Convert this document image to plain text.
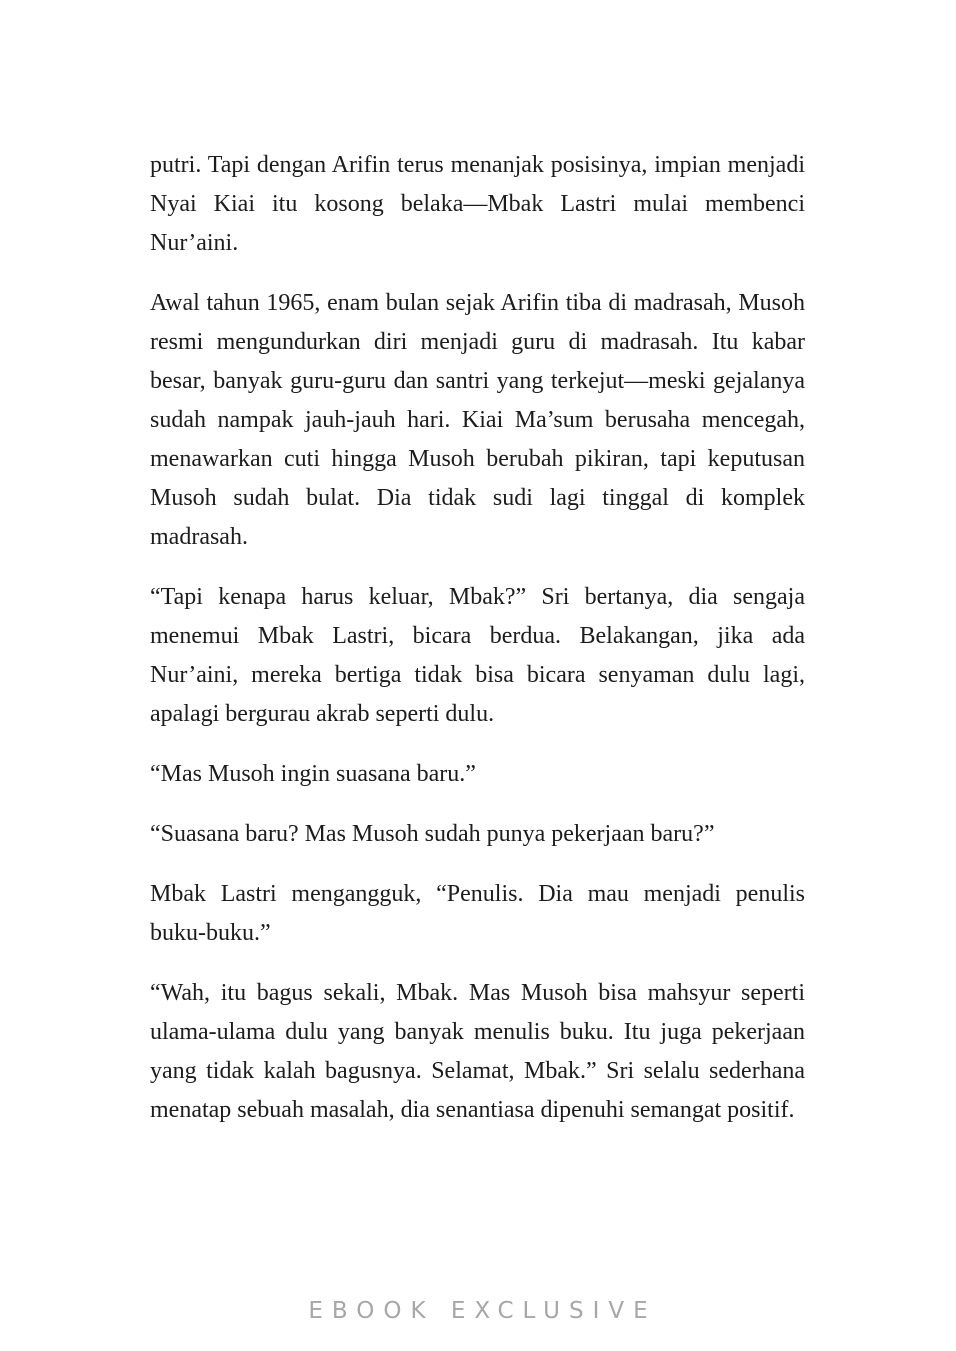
putri. Tapi dengan Arifin terus menanjak posisinya, impian menjadi Nyai Kiai itu kosong belaka—Mbak Lastri mulai membenci Nur’aini.

Awal tahun 1965, enam bulan sejak Arifin tiba di madrasah, Musoh resmi mengundurkan diri menjadi guru di madrasah. Itu kabar besar, banyak guru-guru dan santri yang terkejut—meski gejalanya sudah nampak jauh-jauh hari. Kiai Ma’sum berusaha mencegah, menawarkan cuti hingga Musoh berubah pikiran, tapi keputusan Musoh sudah bulat. Dia tidak sudi lagi tinggal di komplek madrasah.

“Tapi kenapa harus keluar, Mbak?” Sri bertanya, dia sengaja menemui Mbak Lastri, bicara berdua. Belakangan, jika ada Nur’aini, mereka bertiga tidak bisa bicara senyaman dulu lagi, apalagi bergurau akrab seperti dulu.

“Mas Musoh ingin suasana baru.”

“Suasana baru? Mas Musoh sudah punya pekerjaan baru?”

Mbak Lastri mengangguk, “Penulis. Dia mau menjadi penulis buku-buku.”

“Wah, itu bagus sekali, Mbak. Mas Musoh bisa mahsyur seperti ulama-ulama dulu yang banyak menulis buku. Itu juga pekerjaan yang tidak kalah bagusnya. Selamat, Mbak.” Sri selalu sederhana menatap sebuah masalah, dia senantiasa dipenuhi semangat positif.

EBOOK EXCLUSIVE
